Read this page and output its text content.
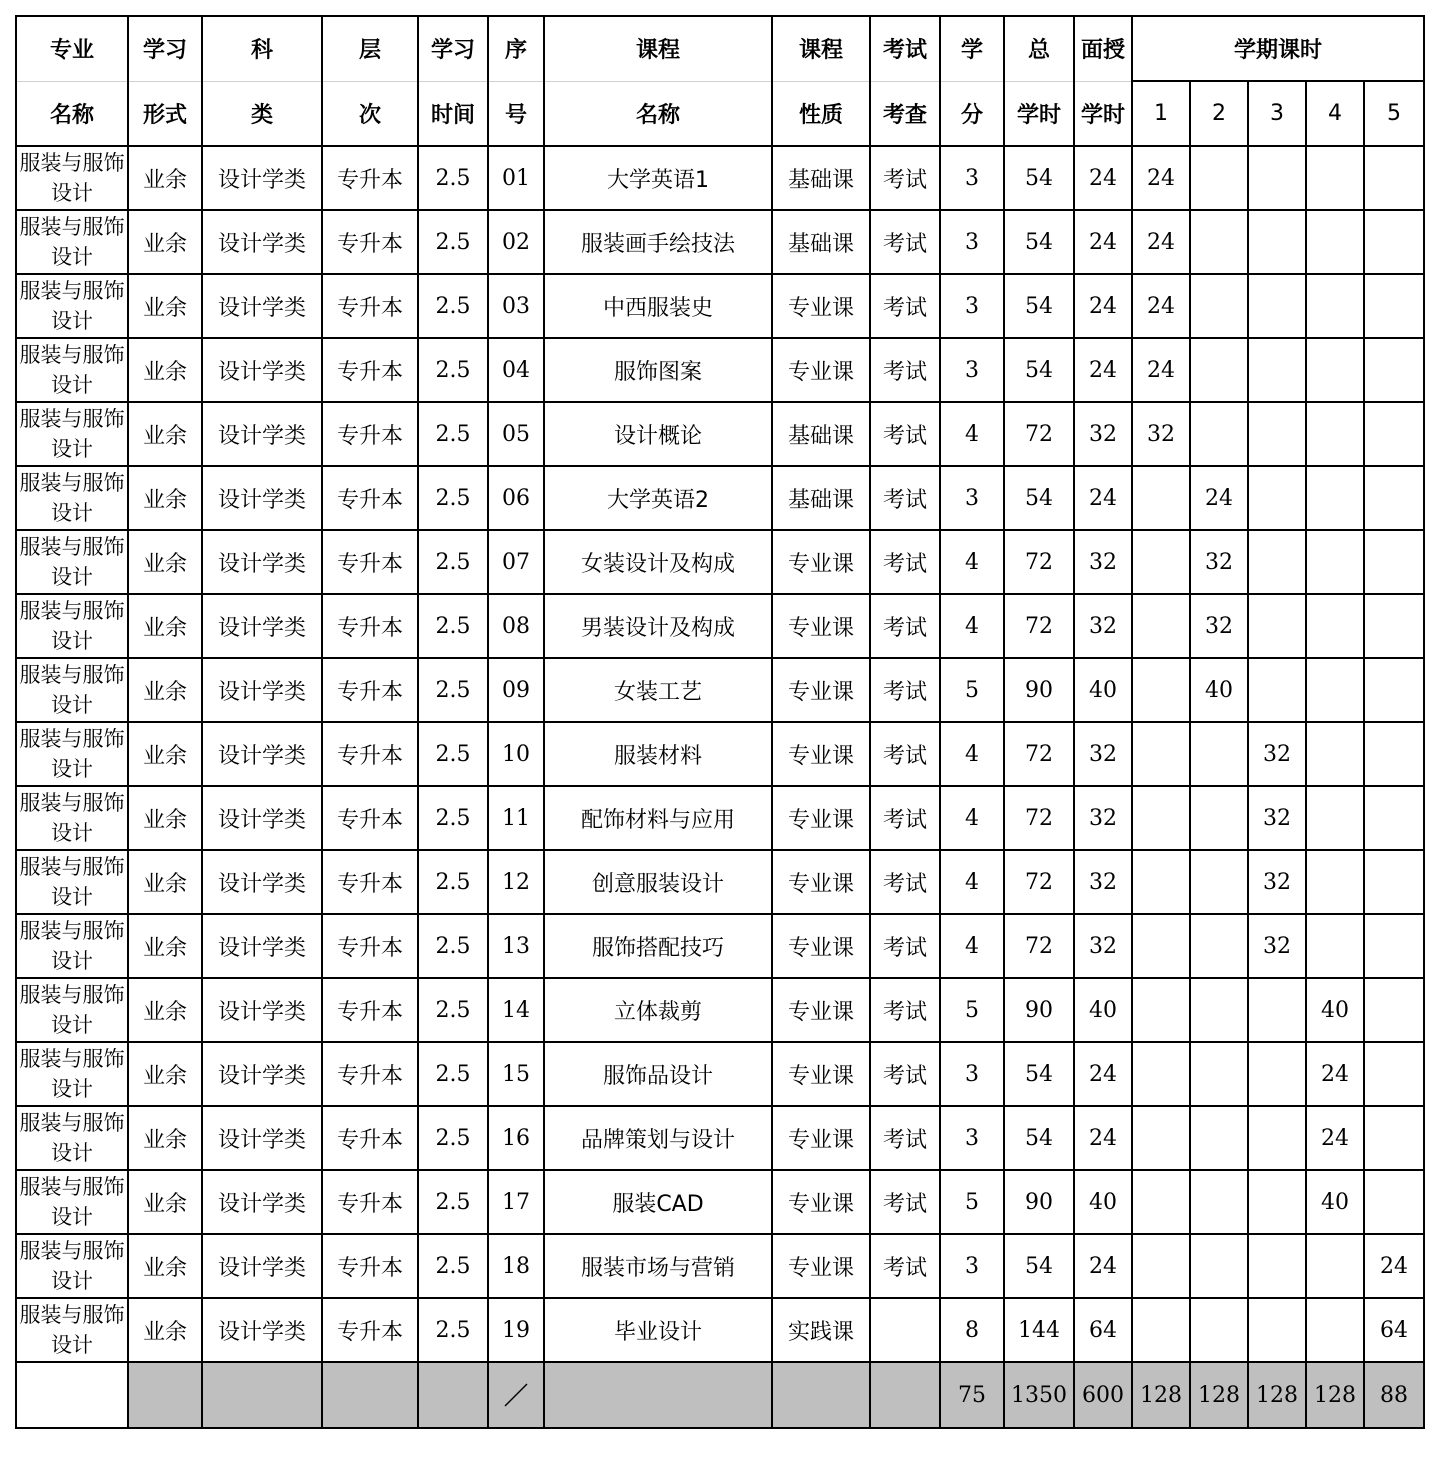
专业	学习	科	层	学习	序	课程	课程	考试	学	总	面授	学期课时				
名称	形式	类	次	时间	号	名称	性质	考查	分	学时	学时	1	2	3	4	5
服装与服饰设计	业余	设计学类	专升本	2.5	01	大学英语1	基础课	考试	3	54	24	24				
服装与服饰设计	业余	设计学类	专升本	2.5	02	服装画手绘技法	基础课	考试	3	54	24	24				
服装与服饰设计	业余	设计学类	专升本	2.5	03	中西服装史	专业课	考试	3	54	24	24				
服装与服饰设计	业余	设计学类	专升本	2.5	04	服饰图案	专业课	考试	3	54	24	24				
服装与服饰设计	业余	设计学类	专升本	2.5	05	设计概论	基础课	考试	4	72	32	32				
服装与服饰设计	业余	设计学类	专升本	2.5	06	大学英语2	基础课	考试	3	54	24		24			
服装与服饰设计	业余	设计学类	专升本	2.5	07	女装设计及构成	专业课	考试	4	72	32		32			
服装与服饰设计	业余	设计学类	专升本	2.5	08	男装设计及构成	专业课	考试	4	72	32		32			
服装与服饰设计	业余	设计学类	专升本	2.5	09	女装工艺	专业课	考试	5	90	40		40			
服装与服饰设计	业余	设计学类	专升本	2.5	10	服装材料	专业课	考试	4	72	32			32		
服装与服饰设计	业余	设计学类	专升本	2.5	11	配饰材料与应用	专业课	考试	4	72	32			32		
服装与服饰设计	业余	设计学类	专升本	2.5	12	创意服装设计	专业课	考试	4	72	32			32		
服装与服饰设计	业余	设计学类	专升本	2.5	13	服饰搭配技巧	专业课	考试	4	72	32			32		
服装与服饰设计	业余	设计学类	专升本	2.5	14	立体裁剪	专业课	考试	5	90	40				40	
服装与服饰设计	业余	设计学类	专升本	2.5	15	服饰品设计	专业课	考试	3	54	24				24	
服装与服饰设计	业余	设计学类	专升本	2.5	16	品牌策划与设计	专业课	考试	3	54	24				24	
服装与服饰设计	业余	设计学类	专升本	2.5	17	服装CAD	专业课	考试	5	90	40				40	
服装与服饰设计	业余	设计学类	专升本	2.5	18	服装市场与营销	专业课	考试	3	54	24					24
服装与服饰设计	业余	设计学类	专升本	2.5	19	毕业设计	实践课		8	144	64					64
									75	1350	600	128	128	128	128	88
